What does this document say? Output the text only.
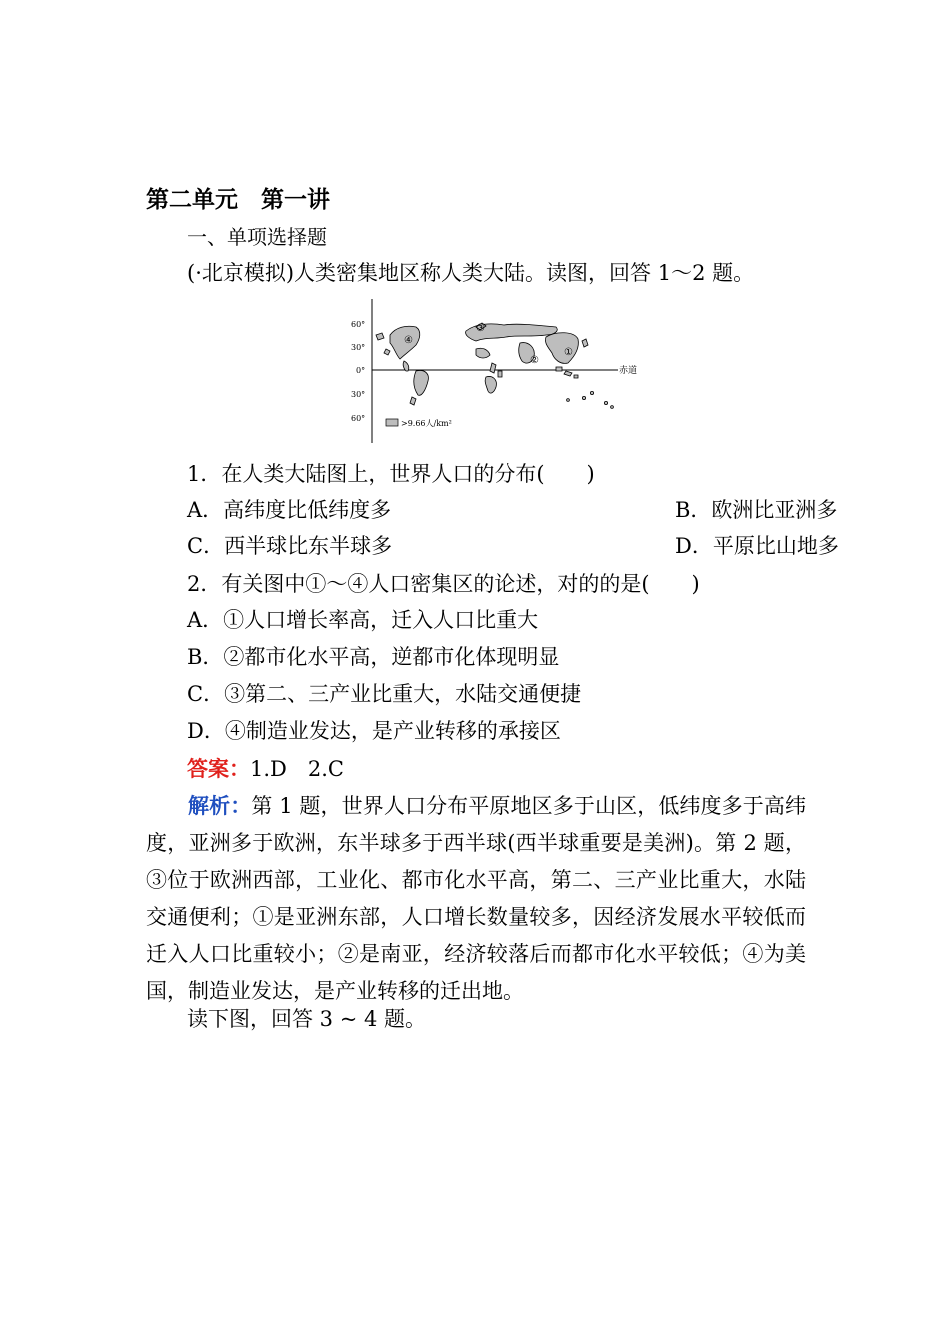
第二单元　第一讲
一、单项选择题
(·北京模拟)人类密集地区称人类大陆。读图，回答 1～2 题。
60°
30°
0°
30°
60°
赤道
①
②
③
④
>9.66人/km²
1．在人类大陆图上，世界人口的分布(　　)
A．高纬度比低纬度多	B．欧洲比亚洲多
C．西半球比东半球多	D．平原比山地多
2．有关图中①～④人口密集区的论述，对的的是(　　)
A．①人口增长率高，迁入人口比重大
B．②都市化水平高，逆都市化体现明显
C．③第二、三产业比重大，水陆交通便捷
D．④制造业发达，是产业转移的承接区
答案：1.D　2.C
解析：第 1 题，世界人口分布平原地区多于山区，低纬度多于高纬度，亚洲多于欧洲，东半球多于西半球(西半球重要是美洲)。第 2 题，③位于欧洲西部，工业化、都市化水平高，第二、三产业比重大，水陆交通便利；①是亚洲东部，人口增长数量较多，因经济发展水平较低而迁入人口比重较小；②是南亚，经济较落后而都市化水平较低；④为美国，制造业发达，是产业转移的迁出地。
读下图，回答 3 ~ 4 题。
